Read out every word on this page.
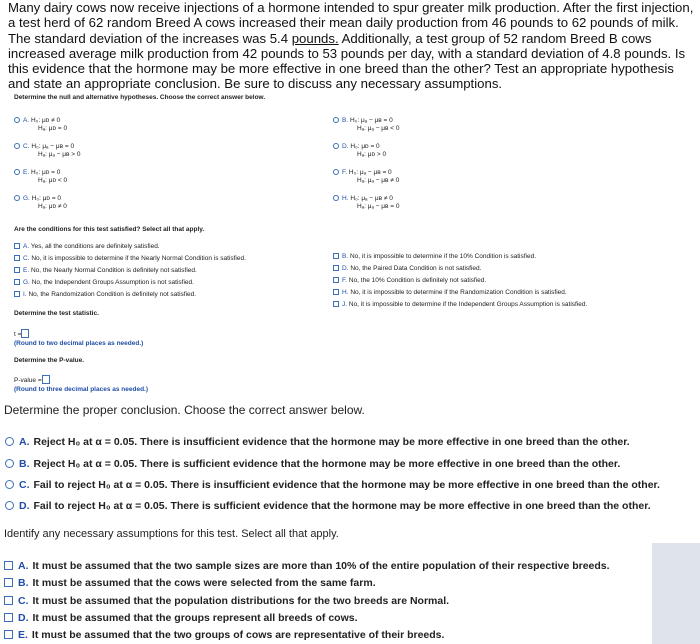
Many dairy cows now receive injections of a hormone intended to spur greater milk production. After the first injection, a test herd of 62 random Breed A cows increased their mean daily production from 46 pounds to 62 pounds of milk. The standard deviation of the increases was 5.4 pounds. Additionally, a test group of 52 random Breed B cows increased average milk production from 42 pounds to 53 pounds per day, with a standard deviation of 4.8 pounds. Is this evidence that the hormone may be more effective in one breed than the other? Test an appropriate hypothesis and state an appropriate conclusion. Be sure to discuss any necessary assumptions.
Determine the null and alternative hypotheses. Choose the correct answer below.
A. H₀: μᴅ ≠ 0
Hₐ: μᴅ = 0
C. H₀: μₐ − μʙ = 0
Hₐ: μₐ − μʙ > 0
E. H₀: μᴅ = 0
Hₐ: μᴅ < 0
G. H₀: μᴅ = 0
Hₐ: μᴅ ≠ 0
B. H₀: μₐ − μʙ = 0
Hₐ: μₐ − μʙ < 0
D. H₀: μᴅ = 0
Hₐ: μᴅ > 0
F. H₀: μₐ − μʙ = 0
Hₐ: μₐ − μʙ ≠ 0
H. H₀: μₐ − μʙ ≠ 0
Hₐ: μₐ − μʙ = 0
Are the conditions for this test satisfied? Select all that apply.
A. Yes, all the conditions are definitely satisfied.
C. No, it is impossible to determine if the Nearly Normal Condition is satisfied.
E. No, the Nearly Normal Condition is definitely not satisfied.
G. No, the Independent Groups Assumption is not satisfied.
I. No, the Randomization Condition is definitely not satisfied.
B. No, it is impossible to determine if the 10% Condition is satisfied.
D. No, the Paired Data Condition is not satisfied.
F. No, the 10% Condition is definitely not satisfied.
H. No, it is impossible to determine if the Randomization Condition is satisfied.
J. No, it is impossible to determine if the Independent Groups Assumption is satisfied.
Determine the test statistic.
t =
(Round to two decimal places as needed.)
Determine the P-value.
P-value =
(Round to three decimal places as needed.)
Determine the proper conclusion. Choose the correct answer below.
A. Reject H₀ at α = 0.05. There is insufficient evidence that the hormone may be more effective in one breed than the other.
B. Reject H₀ at α = 0.05. There is sufficient evidence that the hormone may be more effective in one breed than the other.
C. Fail to reject H₀ at α = 0.05. There is insufficient evidence that the hormone may be more effective in one breed than the other.
D. Fail to reject H₀ at α = 0.05. There is sufficient evidence that the hormone may be more effective in one breed than the other.
Identify any necessary assumptions for this test. Select all that apply.
A. It must be assumed that the two sample sizes are more than 10% of the entire population of their respective breeds.
B. It must be assumed that the cows were selected from the same farm.
C. It must be assumed that the population distributions for the two breeds are Normal.
D. It must be assumed that the groups represent all breeds of cows.
E. It must be assumed that the two groups of cows are representative of their breeds.
